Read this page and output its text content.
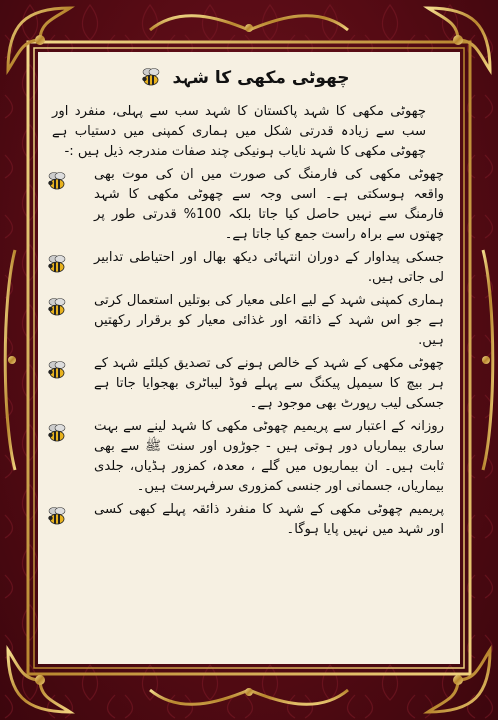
چھوٹی مکھی کا شہد
چھوٹی مکھی کا شہد پاکستان کا شہد سب سے پہلی، منفرد اور سب سے زیادہ قدرتی شکل میں ہماری کمپنی میں دستیاب ہے چھوٹی مکھی کا شہد نایاب ہونیکی چند صفات مندرجہ ذیل ہیں :-
چھوٹی مکھی کی فارمنگ کی صورت میں ان کی موت بھی واقعہ ہوسکتی ہے۔ اسی وجہ سے چھوٹی مکھی کا شہد فارمنگ سے نہیں حاصل کیا جاتا بلکہ 100% قدرتی طور پر چھتوں سے براہ راست جمع کیا جاتا ہے۔
جسکی پیداوار کے دوران انتہائی دیکھ بھال اور احتیاطی تدابیر لی جاتی ہیں.
ہماری کمپنی شہد کے لیے اعلی معیار کی بوتلیں استعمال کرتی ہے جو اس شہد کے ذائقہ اور غذائی معیار کو برقرار رکھتیں ہیں.
چھوٹی مکھی کے شہد کے خالص ہونے کی تصدیق کیلئے شہد کے ہر بیچ کا سیمپل پیکنگ سے پہلے فوڈ لیباٹری بھجوایا جاتا ہے جسکی لیب رپورٹ بھی موجود ہے۔
روزانہ کے اعتبار سے پریمیم چھوٹی مکھی کا شہد لینے سے بہت ساری بیماریاں دور ہوتی ہیں - جوڑوں اور سنت ﷺ سے بھی ثابت ہیں۔ ان بیماریوں میں گلے ، معدہ، کمزور ہڈیاں، جلدی بیماریاں، جسمانی اور جنسی کمزوری سرفہرست ہیں۔
پریمیم چھوٹی مکھی کے شہد کا منفرد ذائقہ پہلے کبھی کسی اور شہد میں نہیں پایا ہوگا۔
